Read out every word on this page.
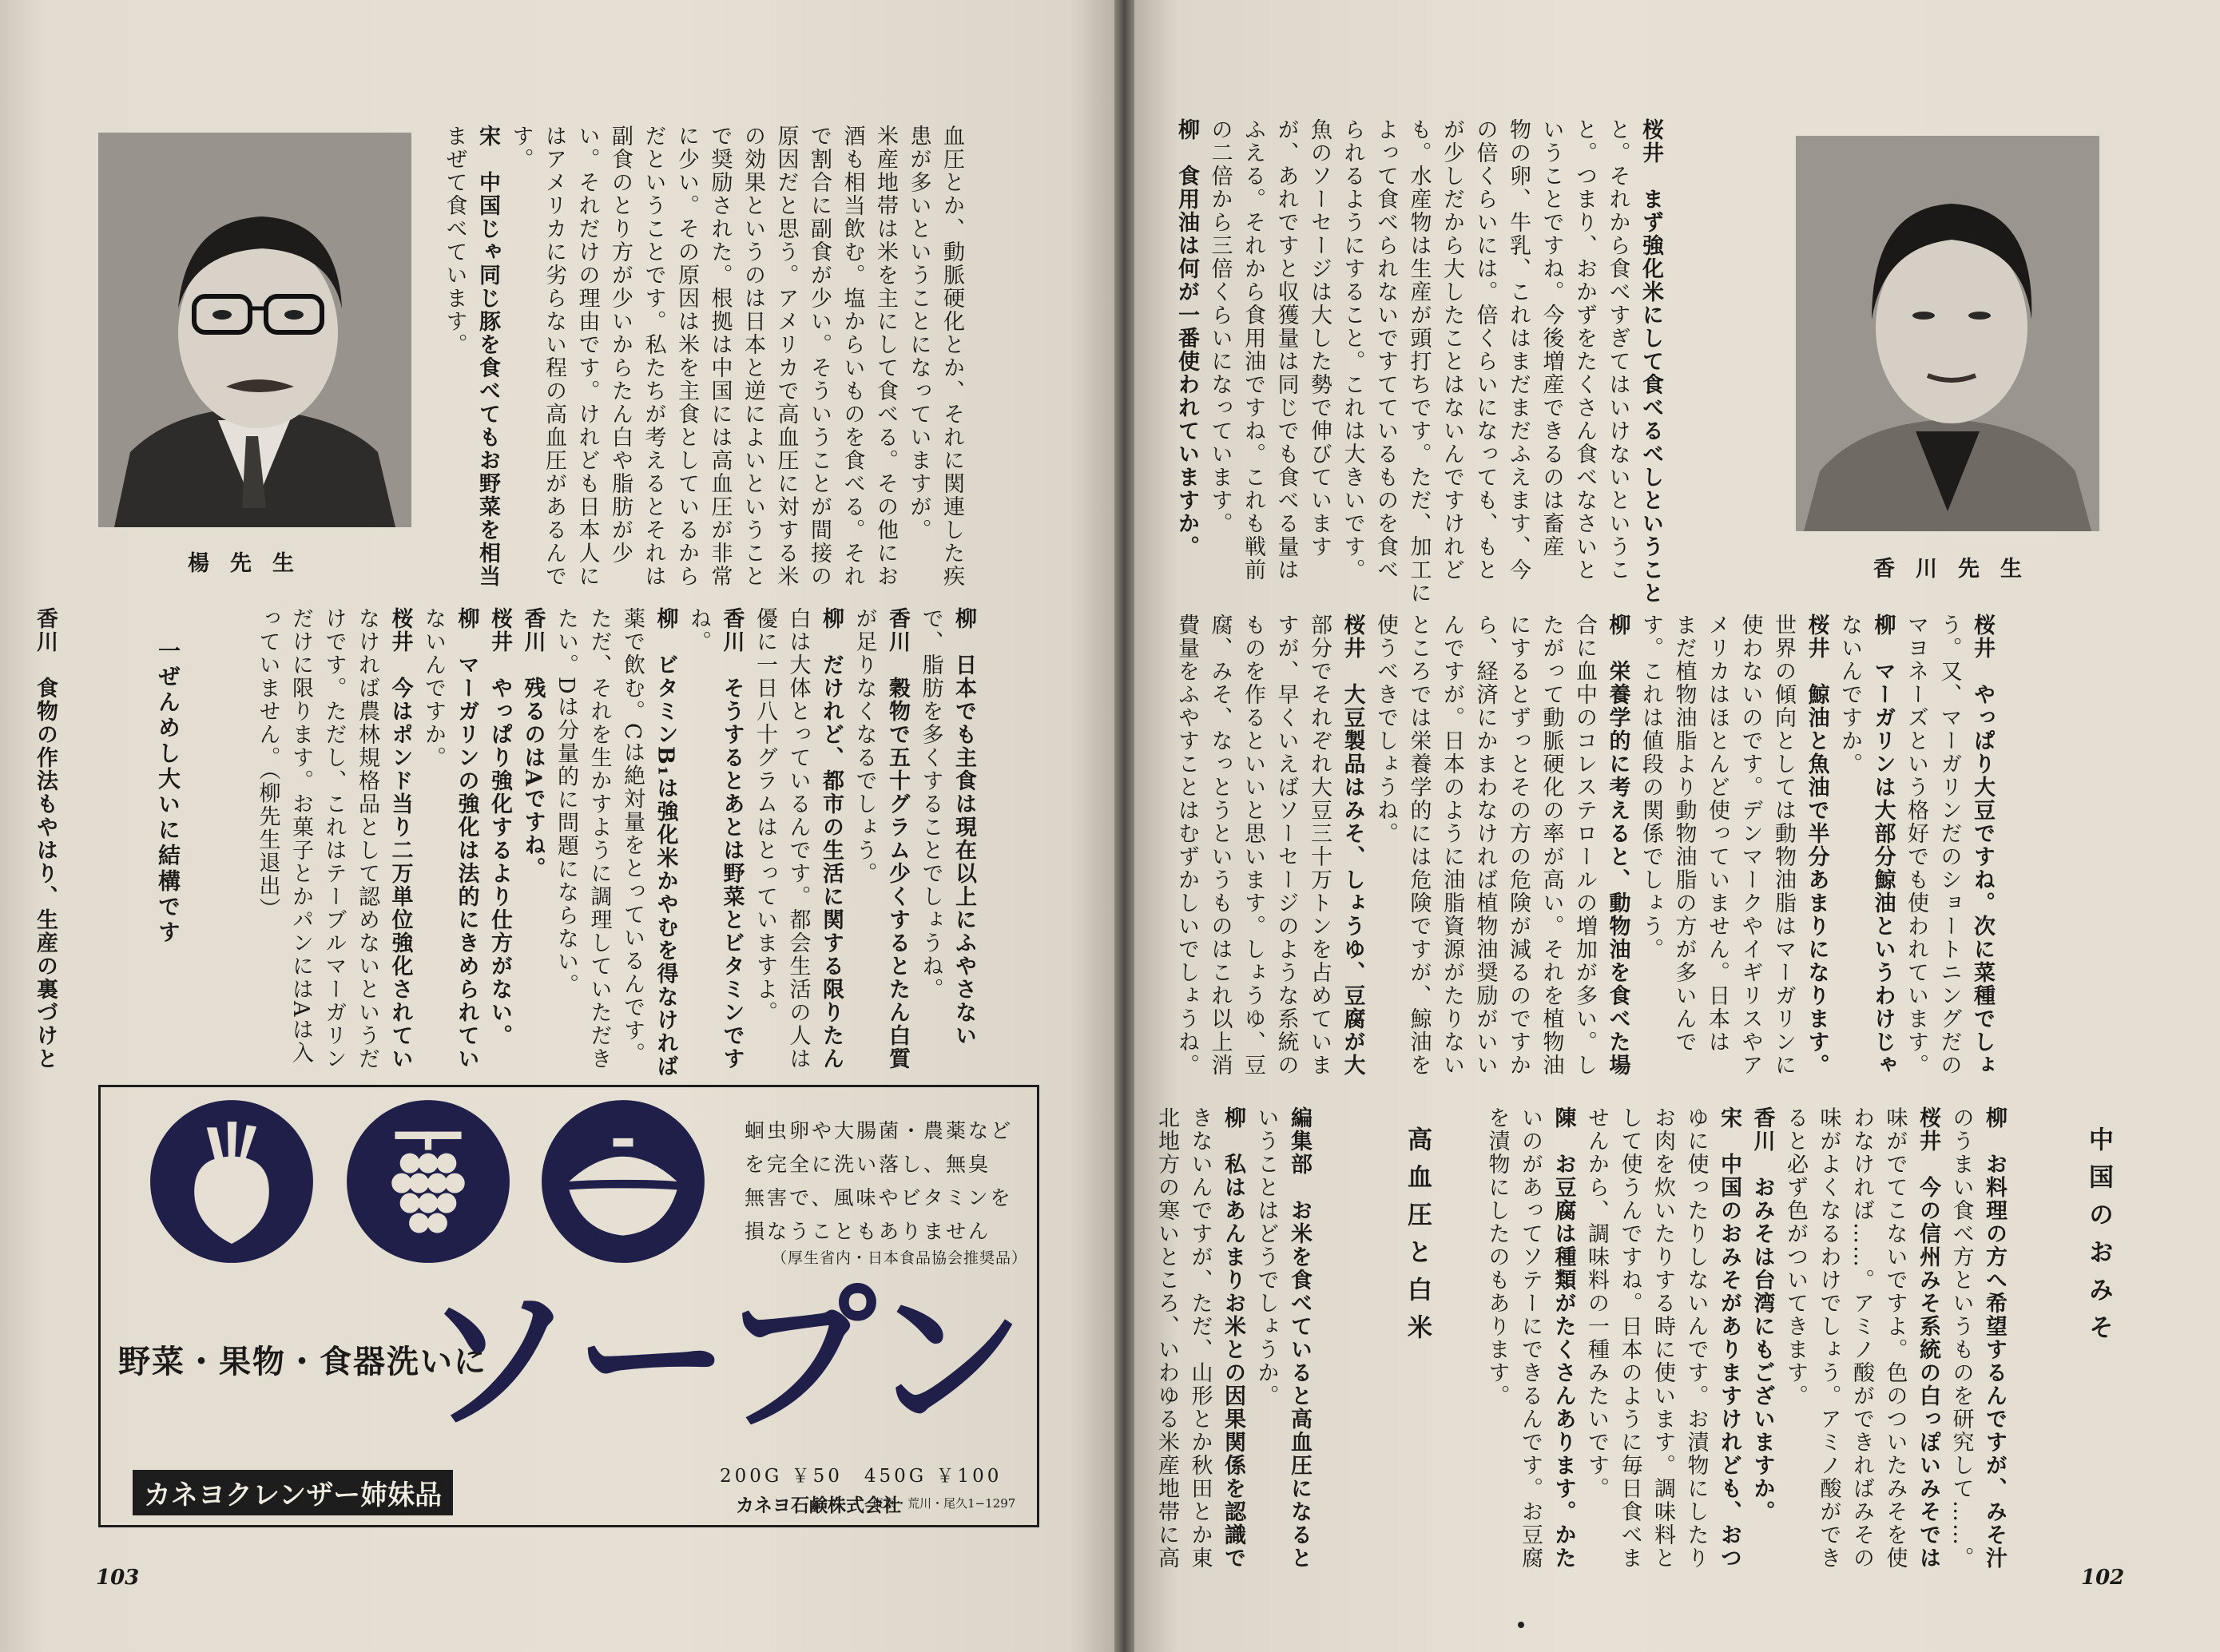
楊先生

	血圧とか、動脈硬化とか、それに関連した疾
患が多いということになっていますが。
米産地帯は米を主にして食べる。その他にお
酒も相当飲む。塩からいものを食べる。それ
で割合に副食が少い。そういうことが間接の
原因だと思う。アメリカで高血圧に対する米
の効果というのは日本と逆によいということ
で奨励された。根拠は中国には高血圧が非常
に少い。その原因は米を主食としているから
だということです。私たちが考えるとそれは
副食のとり方が少いからたん白や脂肪が少
い。それだけの理由です。けれども日本人に
はアメリカに劣らない程の高血圧があるんで
す。
宋　中国じゃ同じ豚を食べてもお野菜を相当
まぜて食べています。

柳　日本でも主食は現在以上にふやさない
で、脂肪を多くすることでしょうね。
香川　穀物で五十グラム少くするとたん白質
が足りなくなるでしょう。
柳　だけれど、都市の生活に関する限りたん
白は大体とっているんです。都会生活の人は
優に一日八十グラムはとっていますよ。
香川　そうするとあとは野菜とビタミンです
ね。
柳　ビタミンB₁は強化米かやむを得なければ
薬で飲む。Cは絶対量をとっているんです。
ただ、それを生かすように調理していただき
たい。Dは分量的に問題にならない。
香川　残るのはAですね。
桜井　やっぱり強化するより仕方がない。
柳　マーガリンの強化は法的にきめられてい
ないんですか。
桜井　今はポンド当り二万単位強化されてい
なければ農林規格品として認めないというだ
けです。ただし、これはテーブルマーガリン
だけに限ります。お菓子とかパンにはAは入
っていません。（柳先生退出）

一ぜんめし大いに結構です

香川　食物の作法もやはり、生産の裏づけと

蛔虫卵や大腸菌・農薬など
を完全に洗い落し、無臭
無害で、風味やビタミンを
損なうこともありません
（厚生省内・日本食品協会推奨品）
野菜・果物・食器洗いに
ソープン
カネヨクレンザー姉妹品
200G ￥50　450G ￥100
カネヨ石鹸株式会社
東京・荒川・尾久1−1297
103

桜井　まず強化米にして食べるべしということ
と。それから食べすぎてはいけないというこ
と。つまり、おかずをたくさん食べなさいと
いうことですね。今後増産できるのは畜産
物の卵、牛乳、これはまだまだふえます、今
の倍くらいには。倍くらいになっても、もと
が少しだから大したことはないんですけれど
も。水産物は生産が頭打ちです。ただ、加工に
よって食べられないですてているものを食べ
られるようにすること。これは大きいです。
魚のソーセージは大した勢で伸びています
が、あれですと収獲量は同じでも食べる量は
ふえる。それから食用油ですね。これも戦前
の二倍から三倍くらいになっています。
柳　食用油は何が一番使われていますか。

香川先生

桜井　やっぱり大豆ですね。次に菜種でしょ
う。又、マーガリンだのショートニングだの
マヨネーズという格好でも使われています。
柳　マーガリンは大部分鯨油というわけじゃ
ないんですか。
桜井　鯨油と魚油で半分あまりになります。
世界の傾向としては動物油脂はマーガリンに
使わないのです。デンマークやイギリスやア
メリカはほとんど使っていません。日本は
まだ植物油脂より動物油脂の方が多いんで
す。これは値段の関係でしょう。
柳　栄養学的に考えると、動物油を食べた場
合に血中のコレステロールの増加が多い。し
たがって動脈硬化の率が高い。それを植物油
にするとずっとその方の危険が減るのですか
ら、経済にかまわなければ植物油奨励がいい
んですが。日本のように油脂資源がたりない
ところでは栄養学的には危険ですが、鯨油を
使うべきでしょうね。
桜井　大豆製品はみそ、しょうゆ、豆腐が大
部分でそれぞれ大豆三十万トンを占めていま
すが、早くいえばソーセージのような系統の
ものを作るといいと思います。しょうゆ、豆
腐、みそ、なっとうというものはこれ以上消
費量をふやすことはむずかしいでしょうね。

中国のおみそ

柳　お料理の方へ希望するんですが、みそ汁
のうまい食べ方というものを研究して……。
桜井　今の信州みそ系統の白っぽいみそでは
味がでてこないですよ。色のついたみそを使
わなければ……。アミノ酸ができればみその
味がよくなるわけでしょう。アミノ酸ができ
ると必ず色がついてきます。
香川　おみそは台湾にもございますか。
宋　中国のおみそがありますけれども、おつ
ゆに使ったりしないんです。お漬物にしたり
お肉を炊いたりする時に使います。調味料と
して使うんですね。日本のように毎日食べま
せんから、調味料の一種みたいです。
陳　お豆腐は種類がたくさんあります。かた
いのがあってソテーにできるんです。お豆腐
を漬物にしたのもあります。

高血圧と白米

編集部　お米を食べていると高血圧になると
いうことはどうでしょうか。
柳　私はあんまりお米との因果関係を認識で
きないんですが、ただ、山形とか秋田とか東
北地方の寒いところ、いわゆる米産地帯に高

102
